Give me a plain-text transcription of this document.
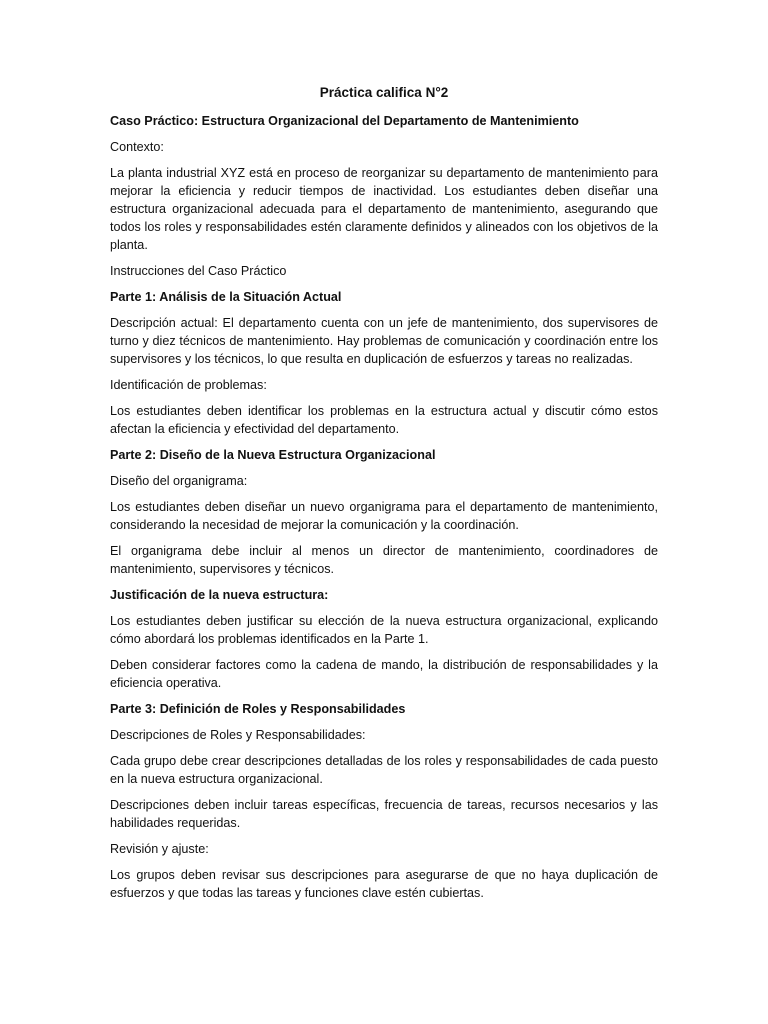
Práctica califica N°2
Caso Práctico: Estructura Organizacional del Departamento de Mantenimiento

Contexto:

La planta industrial XYZ está en proceso de reorganizar su departamento de mantenimiento para mejorar la eficiencia y reducir tiempos de inactividad. Los estudiantes deben diseñar una estructura organizacional adecuada para el departamento de mantenimiento, asegurando que todos los roles y responsabilidades estén claramente definidos y alineados con los objetivos de la planta.

Instrucciones del Caso Práctico

Parte 1: Análisis de la Situación Actual

Descripción actual: El departamento cuenta con un jefe de mantenimiento, dos supervisores de turno y diez técnicos de mantenimiento. Hay problemas de comunicación y coordinación entre los supervisores y los técnicos, lo que resulta en duplicación de esfuerzos y tareas no realizadas.

Identificación de problemas:

Los estudiantes deben identificar los problemas en la estructura actual y discutir cómo estos afectan la eficiencia y efectividad del departamento.

Parte 2: Diseño de la Nueva Estructura Organizacional

Diseño del organigrama:

Los estudiantes deben diseñar un nuevo organigrama para el departamento de mantenimiento, considerando la necesidad de mejorar la comunicación y la coordinación.

El organigrama debe incluir al menos un director de mantenimiento, coordinadores de mantenimiento, supervisores y técnicos.

Justificación de la nueva estructura:

Los estudiantes deben justificar su elección de la nueva estructura organizacional, explicando cómo abordará los problemas identificados en la Parte 1.

Deben considerar factores como la cadena de mando, la distribución de responsabilidades y la eficiencia operativa.

Parte 3: Definición de Roles y Responsabilidades

Descripciones de Roles y Responsabilidades:

Cada grupo debe crear descripciones detalladas de los roles y responsabilidades de cada puesto en la nueva estructura organizacional.

Descripciones deben incluir tareas específicas, frecuencia de tareas, recursos necesarios y las habilidades requeridas.

Revisión y ajuste:

Los grupos deben revisar sus descripciones para asegurarse de que no haya duplicación de esfuerzos y que todas las tareas y funciones clave estén cubiertas.
